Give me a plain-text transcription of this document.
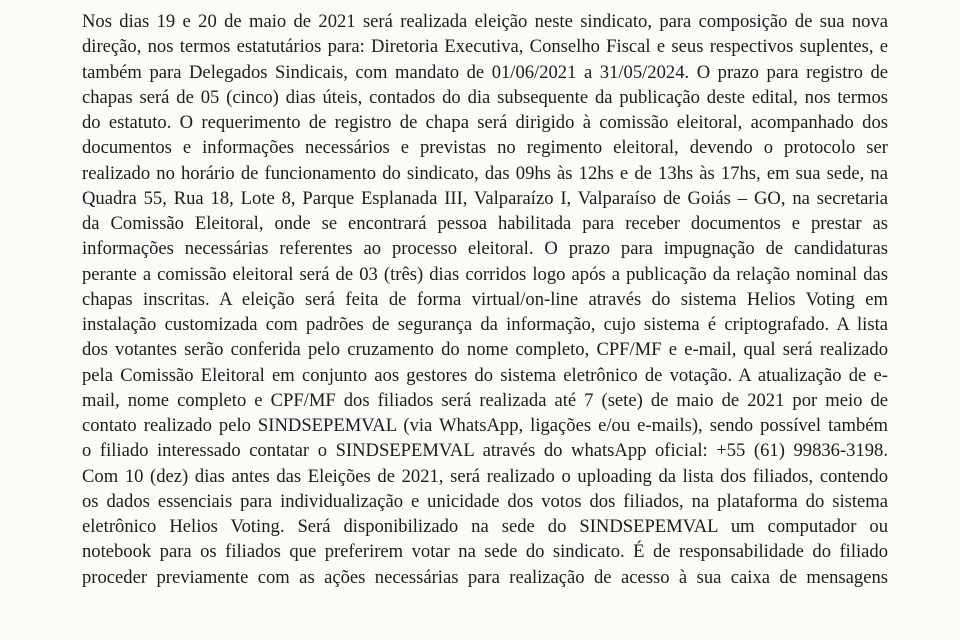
Nos dias 19 e 20 de maio de 2021 será realizada eleição neste sindicato, para composição de sua nova
direção, nos termos estatutários para: Diretoria Executiva, Conselho Fiscal e seus respectivos suplentes, e
também para Delegados Sindicais, com mandato de 01/06/2021 a 31/05/2024. O prazo para registro de
chapas será de 05 (cinco) dias úteis, contados do dia subsequente da publicação deste edital, nos termos
do estatuto. O requerimento de registro de chapa será dirigido à comissão eleitoral, acompanhado dos
documentos e informações necessários e previstas no regimento eleitoral, devendo o protocolo ser
realizado no horário de funcionamento do sindicato, das 09hs às 12hs e de 13hs às 17hs, em sua sede, na
Quadra 55, Rua 18, Lote 8, Parque Esplanada III, Valparaízo I, Valparaíso de Goiás – GO, na secretaria
da Comissão Eleitoral, onde se encontrará pessoa habilitada para receber documentos e prestar as
informações necessárias referentes ao processo eleitoral. O prazo para impugnação de candidaturas
perante a comissão eleitoral será de 03 (três) dias corridos logo após a publicação da relação nominal das
chapas inscritas. A eleição será feita de forma virtual/on-line através do sistema Helios Voting em
instalação customizada com padrões de segurança da informação, cujo sistema é criptografado. A lista
dos votantes serão conferida pelo cruzamento do nome completo, CPF/MF e e-mail, qual será realizado
pela Comissão Eleitoral em conjunto aos gestores do sistema eletrônico de votação. A atualização de e-
mail, nome completo e CPF/MF dos filiados será realizada até 7 (sete) de maio de 2021 por meio de
contato realizado pelo SINDSEPEMVAL (via WhatsApp, ligações e/ou e-mails), sendo possível também
o filiado interessado contatar o SINDSEPEMVAL através do whatsApp oficial: +55 (61) 99836-3198.
Com 10 (dez) dias antes das Eleições de 2021, será realizado o uploading da lista dos filiados, contendo
os dados essenciais para individualização e unicidade dos votos dos filiados, na plataforma do sistema
eletrônico Helios Voting. Será disponibilizado na sede do SINDSEPEMVAL um computador ou
notebook para os filiados que preferirem votar na sede do sindicato. É de responsabilidade do filiado
proceder previamente com as ações necessárias para realização de acesso à sua caixa de mensagens
